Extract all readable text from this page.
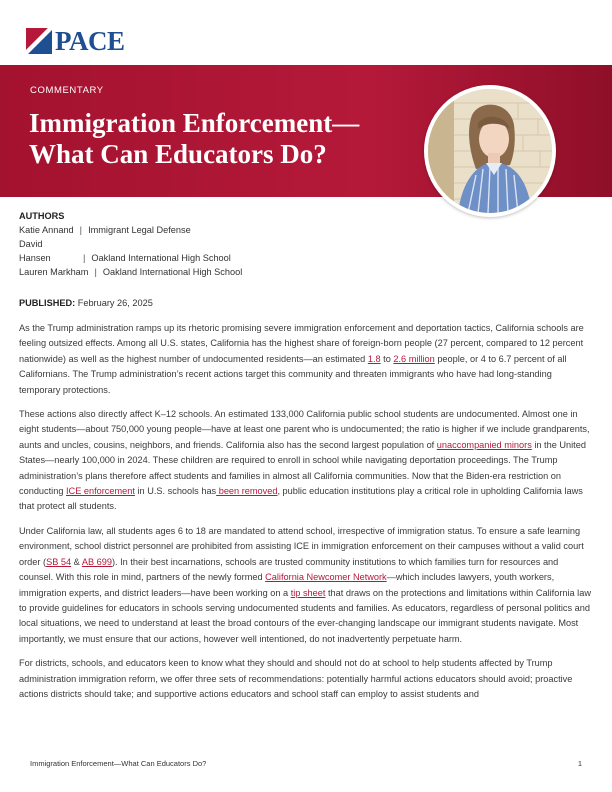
PACE
COMMENTARY
Immigration Enforcement—What Can Educators Do?
AUTHORS
Katie Annand | Immigrant Legal Defense
David
Hansen	| Oakland International High School
Lauren Markham | Oakland International High School
PUBLISHED: February 26, 2025

As the Trump administration ramps up its rhetoric promising severe immigration enforcement and deportation tactics, California schools are feeling outsized effects. Among all U.S. states, California has the highest share of foreign-born people (27 percent, compared to 12 percent nationwide) as well as the highest number of undocumented residents—an estimated 1.8 to 2.6 million people, or 4 to 6.7 percent of all Californians. The Trump administration’s recent actions target this community and threaten immigrants who have had long-standing temporary protections.

These actions also directly affect K–12 schools. An estimated 133,000 California public school students are undocumented. Almost one in eight students—about 750,000 young people—have at least one parent who is undocumented; the ratio is higher if we include grandparents, aunts and uncles, cousins, neighbors, and friends. California also has the second largest population of unaccompanied minors in the United States—nearly 100,000 in 2024. These children are required to enroll in school while navigating deportation proceedings. The Trump administration’s plans therefore affect students and families in almost all California communities. Now that the Biden-era restriction on conducting ICE enforcement in U.S. schools has been removed, public education institutions play a critical role in upholding California laws that protect all students.

Under California law, all students ages 6 to 18 are mandated to attend school, irrespective of immigration status. To ensure a safe learning environment, school district personnel are prohibited from assisting ICE in immigration enforcement on their campuses without a valid court order (SB 54 & AB 699). In their best incarnations, schools are trusted community institutions to which families turn for resources and counsel. With this role in mind, partners of the newly formed California Newcomer Network—which includes lawyers, youth workers, immigration experts, and district leaders—have been working on a tip sheet that draws on the protections and limitations within California law to provide guidelines for educators in schools serving undocumented students and families. As educators, regardless of personal politics and local situations, we need to understand at least the broad contours of the ever-changing landscape our immigrant students navigate. Most importantly, we must ensure that our actions, however well intentioned, do not inadvertently perpetuate harm.

For districts, schools, and educators keen to know what they should and should not do at school to help students affected by Trump administration immigration reform, we offer three sets of recommendations: potentially harmful actions educators should avoid; proactive actions districts should take; and supportive actions educators and school staff can employ to assist students and

Immigration Enforcement—What Can Educators Do?	1
